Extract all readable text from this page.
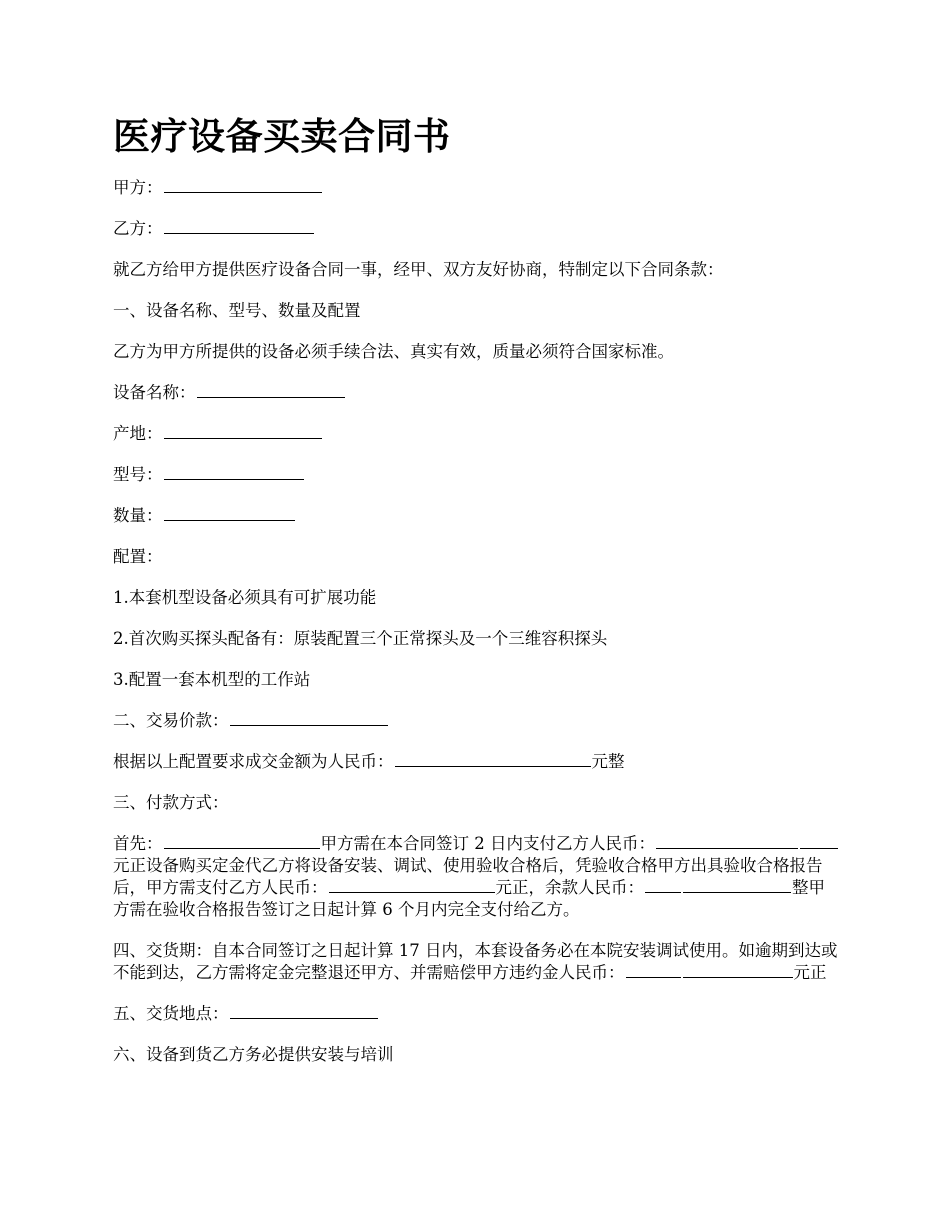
医疗设备买卖合同书
甲方：
乙方：
就乙方给甲方提供医疗设备合同一事，经甲、双方友好协商，特制定以下合同条款：
一、设备名称、型号、数量及配置
乙方为甲方所提供的设备必须手续合法、真实有效，质量必须符合国家标准。
设备名称：
产地：
型号：
数量：
配置：
1.本套机型设备必须具有可扩展功能
2.首次购买探头配备有：原装配置三个正常探头及一个三维容积探头
3.配置一套本机型的工作站
二、交易价款：
根据以上配置要求成交金额为人民币：	元整
三、付款方式：
首先：	甲方需在本合同签订 2 日内支付乙方人民币：元正设备购买定金代乙方将设备安装、调试、使用验收合格后，凭验收合格甲方出具验收合格报告后，甲方需支付乙方人民币：	元正，余款人民币：	整甲方需在验收合格报告签订之日起计算 6 个月内完全支付给乙方。
四、交货期：自本合同签订之日起计算 17 日内，本套设备务必在本院安装调试使用。如逾期到达或不能到达，乙方需将定金完整退还甲方、并需赔偿甲方违约金人民币：	元正
五、交货地点：
六、设备到货乙方务必提供安装与培训
